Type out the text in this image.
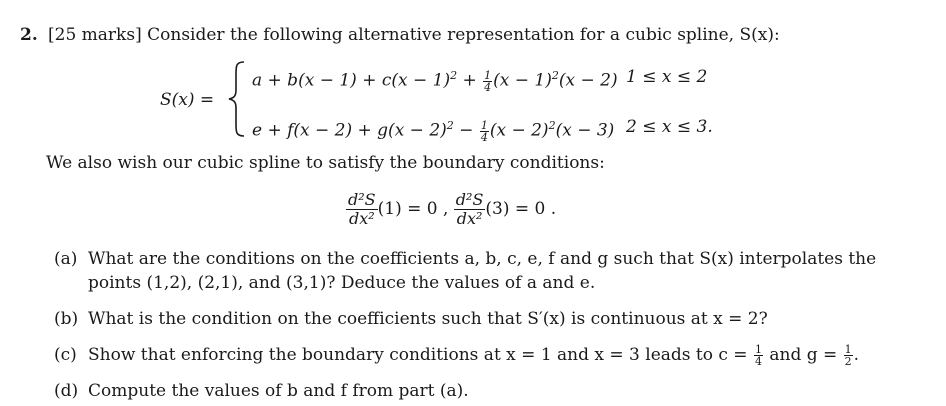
2. [25 marks] Consider the following alternative representation for a cubic spline, S(x):
S(x) =
$a + b(x - 1) + c(x - 1)^2 + \frac{1}{4} (x - 1)^2(x - 2)$ 1 ≤ x ≤ 2
$e + f(x - 2) + g(x - 2)^2 - \frac{1}{4} (x - 2)^2(x - 3)$ 2 ≤ x ≤ 3.
We also wish our cubic spline to satisfy the boundary conditions:
$\frac{\text{d²S}}{\text{dx²}} (1) = 0$ , $\frac{\text{d²S}}{\text{dx²}} (3) = 0$ .
(a) What are the conditions on the coefficients a, b, c, e, f and g such that S(x) interpolates the
points (1,2), (2,1), and (3,1)? Deduce the values of a and e.
(b) What is the condition on the coefficients such that S′(x) is continuous at x = 2?
(c) Show that enforcing the boundary conditions at x = 1 and x = 3 leads to $c = \frac{1}{4}$ and $g = \frac{1}{2}$ .
(d) Compute the values of b and f from part (a).
